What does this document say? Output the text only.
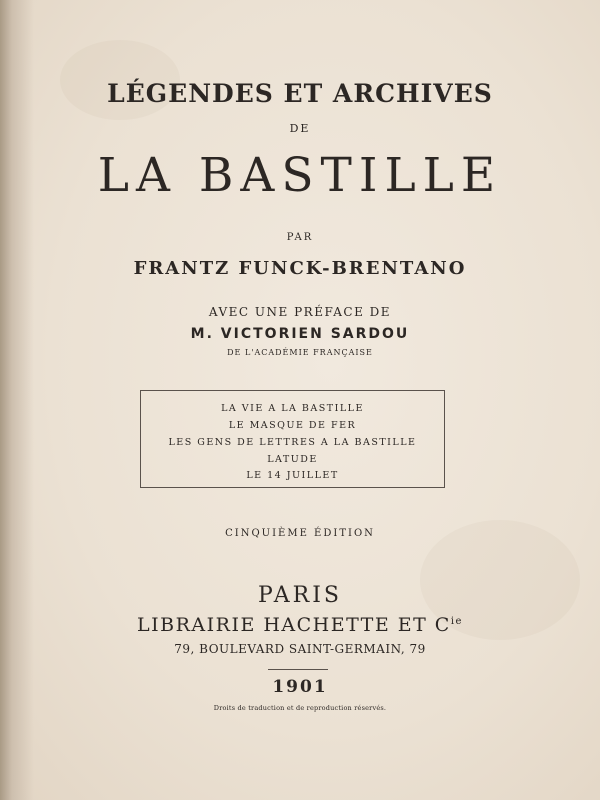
LÉGENDES ET ARCHIVES
DE
LA BASTILLE
PAR
FRANTZ FUNCK-BRENTANO
AVEC UNE PRÉFACE DE
M. VICTORIEN SARDOU
DE L'ACADÉMIE FRANÇAISE
LA VIE A LA BASTILLE
LE MASQUE DE FER
LES GENS DE LETTRES A LA BASTILLE
LATUDE
LE 14 JUILLET
CINQUIÈME ÉDITION
PARIS
LIBRAIRIE HACHETTE ET $C^{ie}$
79, BOULEVARD SAINT-GERMAIN, 79
1901
Droits de traduction et de reproduction réservés.
